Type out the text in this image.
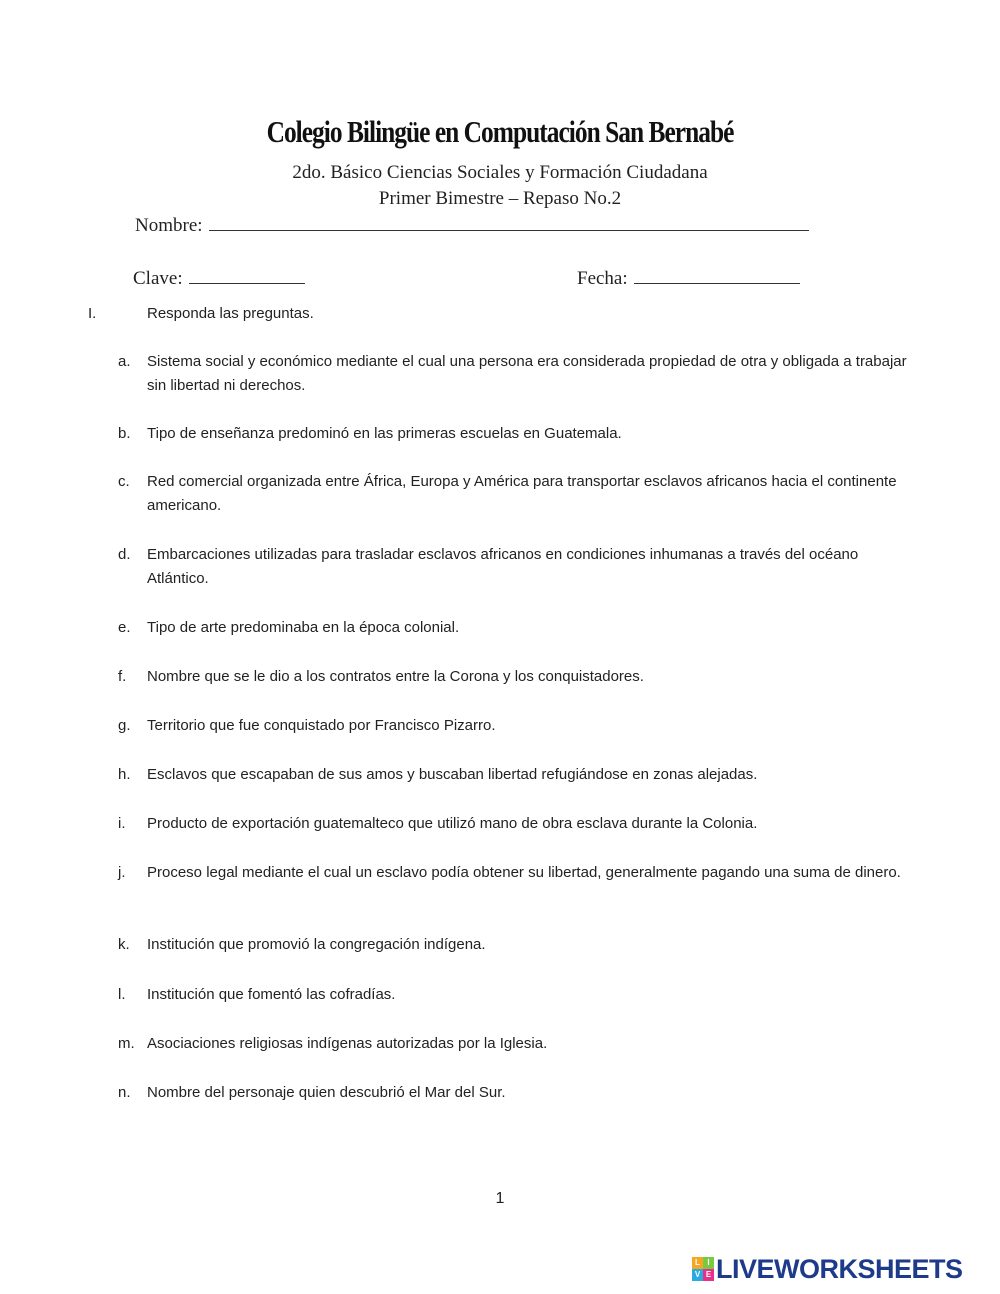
Colegio Bilingüe en Computación San Bernabé
2do. Básico Ciencias Sociales y Formación Ciudadana
Primer Bimestre – Repaso No.2
Nombre:
Clave:	Fecha:
I.	Responda las preguntas.
a. Sistema social y económico mediante el cual una persona era considerada propiedad de otra y obligada a trabajar sin libertad ni derechos.
b. Tipo de enseñanza predominó en las primeras escuelas en Guatemala.
c. Red comercial organizada entre África, Europa y América para transportar esclavos africanos hacia el continente americano.
d. Embarcaciones utilizadas para trasladar esclavos africanos en condiciones inhumanas a través del océano Atlántico.
e. Tipo de arte predominaba en la época colonial.
f. Nombre que se le dio a los contratos entre la Corona y los conquistadores.
g. Territorio que fue conquistado por Francisco Pizarro.
h. Esclavos que escapaban de sus amos y buscaban libertad refugiándose en zonas alejadas.
i. Producto de exportación guatemalteco que utilizó mano de obra esclava durante la Colonia.
j. Proceso legal mediante el cual un esclavo podía obtener su libertad, generalmente pagando una suma de dinero.
k. Institución que promovió la congregación indígena.
l. Institución que fomentó las cofradías.
m. Asociaciones religiosas indígenas autorizadas por la Iglesia.
n. Nombre del personaje quien descubrió el Mar del Sur.
1
L I
V E LIVEWORKSHEETS
